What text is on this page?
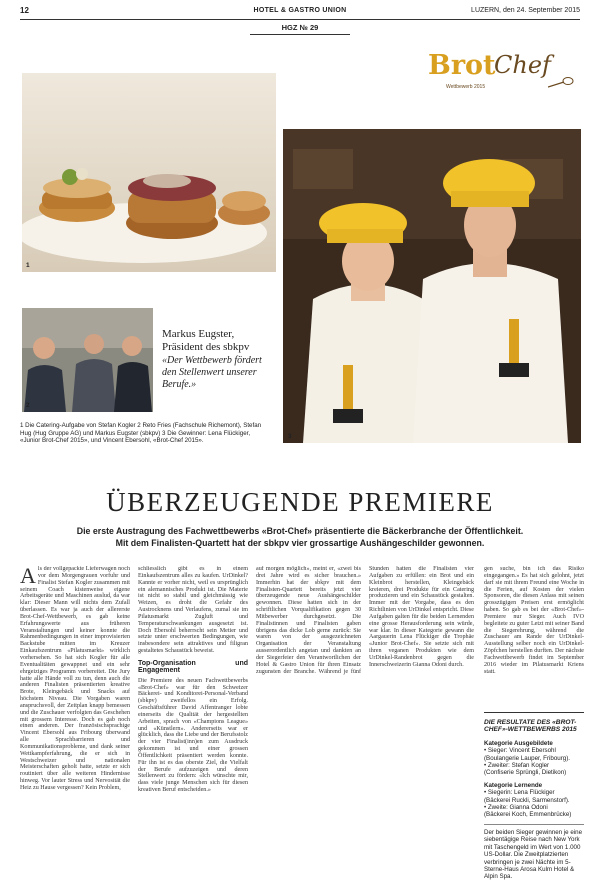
12	HOTEL & GASTRO UNION	LUZERN, den 24. September 2015
HGZ № 29
Brot
Chef
Wettbewerb 2015
1
2
Markus Eugster,
Präsident des sbkpv
«Der Wettbewerb fördert den Stellenwert unserer Berufe.»
1 Die Catering-Aufgabe von Stefan Kogler 2 Reto Fries (Fachschule Richemont), Stefan Hug (Hug Gruppe AG) und Markus Eugster (sbkpv) 3 Die Gewinner: Lena Flückiger, «Junior Brot-Chef 2015», und Vincent Ebersohl, «Brot-Chef 2015».
3
ÜBERZEUGENDE PREMIERE
Die erste Austragung des Fachwettbewerbs «Brot-Chef» präsentierte die Bäckerbranche der Öffentlichkeit.
Mit dem Finalisten-Quartett hat der sbkpv vier grossartige Aushängeschilder gewonnen.

Als der vollgepackte Lieferwagen noch vor dem Morgengrauen vorfuhr und Finalist Stefan Kogler zusammen mit seinem Coach kistenweise eigene Arbeitsgeräte und Maschinen auslud, da war klar: Dieser Mann will nichts dem Zufall überlassen. Es war ja auch der allererste Brot-Chef-Wettbewerb, es gab keine Erfahrungswerte aus früheren Veranstaltungen und keiner konnte die Rahmenbedingungen in einer improvisierten Backstube mitten im Kreuzer Einkaufszentrum «Pilatusmarkt» wirklich vorhersehen. So hat sich Kogler für alle Eventualitäten gewappnet und ein sehr ehrgeiziges Programm vorbereitet. Die Jury hatte alle Hände voll zu tun, denn auch die anderen Finalisten präsentierten kreative Brote, Kleingebäck und Snacks auf höchstem Niveau. Die Vorgaben waren anspruchsvoll, der Zeitplan knapp bemessen und die Zuschauer verfolgten das Geschehen mit grossem Interesse. Doch es gab noch einen anderen. Der französischsprachige Vincent Ebersohl aus Fribourg überwand alle Sprachbarrieren und Kommunikationsprobleme, und dank seiner Wettkampferfahrung, die er sich in Westschweizer und nationalen Meisterschaften geholt hatte, setzte er sich routiniert über alle weiteren Hindernisse hinweg. Vor lauter Stress und Nervosität die Heiz zu Hause vergessen? Kein Problem,

schliesslich gibt es in einem Einkaufszentrum alles zu kaufen. UrDinkel? Kannte er vorher nicht, weil es ursprünglich ein alemannisches Produkt ist. Die Materie ist nicht so stabil und gleichmässig wie Weizen, es droht die Gefahr des Austrocknens und Verlaufens, zumal sie im Pilatusmarkt Zugluft und Temperaturschwankungen ausgesetzt ist. Doch Ebersohl beherrscht sein Metier und setzte unter erschwerten Bedingungen, wie insbesondere sein attraktives und filigran gestaltetes Schaustück beweist.

Top-Organisation und Engagement

Die Premiere des neuen Fachwettbewerbs «Brot-Chef» war für den Schweizer Bäckerei- und Konditorei-Personal-Verband (sbkpv) zweifellos ein Erfolg. Geschäftsführer David Affentranger lobte einerseits die Qualität der hergestellten Arbeiten, sprach von «Champions League» und «Künstlern». Andererseits war er glücklich, dass die Liebe und der Berufsstolz der vier Finalist(inn)en zum Ausdruck gekommen ist und einer grossen Öffentlichkeit präsentiert werden konnte. Für ihn ist es das oberste Ziel, die Vielfalt der Berufe aufzuzeigen und deren Stellenwert zu fördern: «Ich wünschte mir, dass viele junge Menschen sich für diesen kreativen Beruf entscheiden.»

auf morgen möglich», meint er, «zwei bis drei Jahre wird es sicher brauchen.» Immerhin hat der sbkpv mit dem Finalisten-Quartett bereits jetzt vier überzeugende neue Aushängeschilder gewonnen. Diese hatten sich in der schriftlichen Vorqualifikation gegen 30 Mitbewerber durchgesetzt. Die Finalistinnen und Finalisten gaben übrigens das dicke Lob gerne zurück: Sie waren von der ausgezeichneten Organisation der Veranstaltung ausserordentlich angetan und dankten an der Siegerfeier den Verantwortlichen der Hotel & Gastro Union für ihren Einsatz zugunsten der Branche. Während je fünf Stunden hatten die Finalisten vier Aufgaben zu erfüllen: ein Brot und ein Kleinbrot herstellen, Kleingebäck kreieren, drei Produkte für ein Catering produzieren und ein Schaustück gestalten. Immer mit der Vorgabe, dass es den Richtlinien von UrDinkel entspricht. Diese Aufgaben galten für die beiden Lernenden eine grosse Herausforderung sein würde, war klar. In dieser Kategorie gewann die Aargauerin Lena Flückiger die Trophäe «Junior Brot-Chef». Sie setzte sich mit ihren veganen Produkten wie dem UrDinkel-Randenbrot gegen die Innerschweizerin Gianna Odoni durch.

gen suche, bin ich das Risiko eingegangen.» Es hat sich gelohnt, jetzt darf sie mit ihrem Freund eine Woche in die Ferien, auf Kosten der vielen Sponsoren, die diesen Anlass mit seinen grosszügigen Preisen erst ermöglicht haben. So gab es bei der «Brot-Chef»-Premiere nur Sieger. Auch IVO begleitete zu guter Letzt mit seiner Band die Siegerehrung, während die Zuschauer am Rande der UrDinkel-Ausstellung selber noch ein UrDinkel-Zöpfchen herstellen durften. Der nächste Fachwettbewerb findet im September 2016 wieder im Pilatusmarkt Kriens statt.

DIE RESULTATE DES «BROT-CHEF»-WETTBEWERBS 2015
Kategorie Ausgebildete
• Sieger: Vincent Ebersohl
(Boulangerie Lauper, Fribourg).
• Zweiter: Stefan Kogler
(Confiserie Sprüngli, Dietikon)
Kategorie Lernende
• Siegerin: Lena Flückiger
(Bäckerei Ruckli, Sarmenstorf).
• Zweite: Gianna Odoni
(Bäckerei Koch, Emmenbrücke)
Der beiden Sieger gewinnen je eine siebentägige Reise nach New York mit Taschengeld im Wert von 1.000 US-Dollar. Die Zweitplatzierten verbringen je zwei Nächte im 5-Sterne-Haus Arosa Kulm Hotel & Alpin Spa.
